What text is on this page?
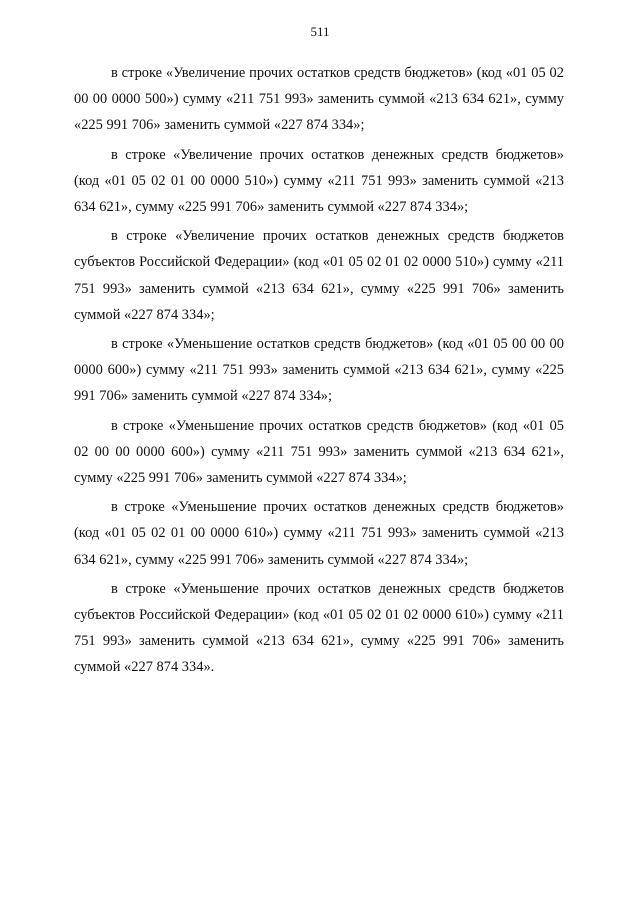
511

в строке «Увеличение прочих остатков средств бюджетов» (код «01 05 02 00 00 0000 500») сумму «211 751 993» заменить суммой «213 634 621», сумму «225 991 706» заменить суммой «227 874 334»;

в строке «Увеличение прочих остатков денежных средств бюджетов» (код «01 05 02 01 00 0000 510») сумму «211 751 993» заменить суммой «213 634 621», сумму «225 991 706» заменить суммой «227 874 334»;

в строке «Увеличение прочих остатков денежных средств бюджетов субъектов Российской Федерации» (код «01 05 02 01 02 0000 510») сумму «211 751 993» заменить суммой «213 634 621», сумму «225 991 706» заменить суммой «227 874 334»;

в строке «Уменьшение остатков средств бюджетов» (код «01 05 00 00 00 0000 600») сумму «211 751 993» заменить суммой «213 634 621», сумму «225 991 706» заменить суммой «227 874 334»;

в строке «Уменьшение прочих остатков средств бюджетов» (код «01 05 02 00 00 0000 600») сумму «211 751 993» заменить суммой «213 634 621», сумму «225 991 706» заменить суммой «227 874 334»;

в строке «Уменьшение прочих остатков денежных средств бюджетов» (код «01 05 02 01 00 0000 610») сумму «211 751 993» заменить суммой «213 634 621», сумму «225 991 706» заменить суммой «227 874 334»;

в строке «Уменьшение прочих остатков денежных средств бюджетов субъектов Российской Федерации» (код «01 05 02 01 02 0000 610») сумму «211 751 993» заменить суммой «213 634 621», сумму «225 991 706» заменить суммой «227 874 334».
